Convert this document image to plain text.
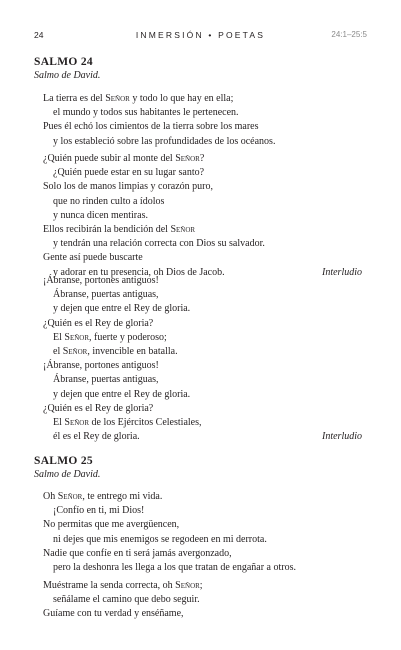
24	INMERSIÓN • POETAS	24:1–25:5
SALMO 24
Salmo de David.
La tierra es del Señor y todo lo que hay en ella;
el mundo y todos sus habitantes le pertenecen.
Pues él echó los cimientos de la tierra sobre los mares
y los estableció sobre las profundidades de los océanos.
¿Quién puede subir al monte del Señor?
¿Quién puede estar en su lugar santo?
Solo los de manos limpias y corazón puro,
que no rinden culto a ídolos
y nunca dicen mentiras.
Ellos recibirán la bendición del Señor
y tendrán una relación correcta con Dios su salvador.
Gente así puede buscarte
y adorar en tu presencia, oh Dios de Jacob.	Interludio
¡Ábranse, portones antiguos!
Ábranse, puertas antiguas,
y dejen que entre el Rey de gloria.
¿Quién es el Rey de gloria?
El Señor, fuerte y poderoso;
el Señor, invencible en batalla.
¡Ábranse, portones antiguos!
Ábranse, puertas antiguas,
y dejen que entre el Rey de gloria.
¿Quién es el Rey de gloria?
El Señor de los Ejércitos Celestiales,
él es el Rey de gloria.	Interludio
SALMO 25
Salmo de David.
Oh Señor, te entrego mi vida.
¡Confío en ti, mi Dios!
No permitas que me avergüencen,
ni dejes que mis enemigos se regodeen en mi derrota.
Nadie que confíe en ti será jamás avergonzado,
pero la deshonra les llega a los que tratan de engañar a otros.
Muéstrame la senda correcta, oh Señor;
señálame el camino que debo seguir.
Guíame con tu verdad y enséñame,
